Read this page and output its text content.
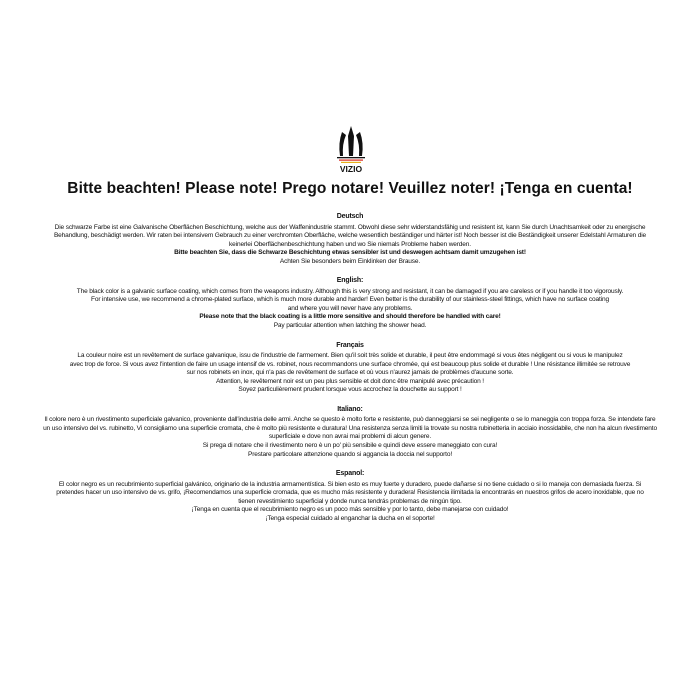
VIZIO
Bitte beachten! Please note! Prego notare! Veuillez noter! ¡Tenga en cuenta!
Deutsch
Die schwarze Farbe ist eine Galvanische Oberflächen Beschichtung, welche aus der Waffenindustrie stammt. Obwohl diese sehr widerstandsfähig und resistent ist, kann Sie durch Unachtsamkeit oder zu energische
Behandlung, beschädigt werden. Wir raten bei intensivem Gebrauch zu einer verchromten Oberfläche, welche wesentlich beständiger und härter ist! Noch besser ist die Beständigkeit unserer Edelstahl Armaturen die
keinerlei Oberflächenbeschichtung haben und wo Sie niemals Probleme haben werden.
Bitte beachten Sie, dass die Schwarze Beschichtung etwas sensibler ist und deswegen achtsam damit umzugehen ist!
Achten Sie besonders beim Einklinken der Brause.
English:
The black color is a galvanic surface coating, which comes from the weapons industry. Although this is very strong and resistant, it can be damaged if you are careless or if you handle it too vigorously.
For intensive use, we recommend a chrome-plated surface, which is much more durable and harder! Even better is the durability of our stainless-steel fittings, which have no surface coating
and where you will never have any problems.
Please note that the black coating is a little more sensitive and should therefore be handled with care!
Pay particular attention when latching the shower head.
Français
La couleur noire est un revêtement de surface galvanique, issu de l'industrie de l'armement. Bien qu'il soit très solide et durable, il peut être endommagé si vous êtes négligent ou si vous le manipulez
avec trop de force. Si vous avez l'intention de faire un usage intensif de vs. robinet, nous recommandons une surface chromée, qui est beaucoup plus solide et durable ! Une résistance illimitée se retrouve
sur nos robinets en inox, qui n'a pas de revêtement de surface et où vous n'aurez jamais de problèmes d'aucune sorte.
Attention, le revêtement noir est un peu plus sensible et doit donc être manipulé avec précaution !
Soyez particulièrement prudent lorsque vous accrochez la douchette au support !
Italiano:
Il colore nero è un rivestimento superficiale galvanico, proveniente dall'industria delle armi. Anche se questo è molto forte e resistente, può danneggiarsi se sei negligente o se lo maneggia con troppa forza. Se intendete fare
un uso intensivo del vs. rubinetto, Vi consigliamo una superficie cromata, che è molto più resistente e duratura! Una resistenza senza limiti la trovate su nostra rubinetteria in acciaio inossidabile, che non ha alcun rivestimento
superficiale e dove non avrai mai problemi di alcun genere.
Si prega di notare che il rivestimento nero è un po' più sensibile e quindi deve essere maneggiato con cura!
Prestare particolare attenzione quando si aggancia la doccia nel supporto!
Espanol:
El color negro es un recubrimiento superficial galvánico, originario de la industria armamentística. Si bien esto es muy fuerte y duradero, puede dañarse si no tiene cuidado o si lo maneja con demasiada fuerza. Si
pretendes hacer un uso intensivo de vs. grifo, ¡Recomendamos una superficie cromada, que es mucho más resistente y duradera! Resistencia ilimitada la encontrarás en nuestros grifos de acero inoxidable, que no
tienen revestimiento superficial y donde nunca tendrás problemas de ningún tipo.
¡Tenga en cuenta que el recubrimiento negro es un poco más sensible y por lo tanto, debe manejarse con cuidado!
¡Tenga especial cuidado al enganchar la ducha en el soporte!
